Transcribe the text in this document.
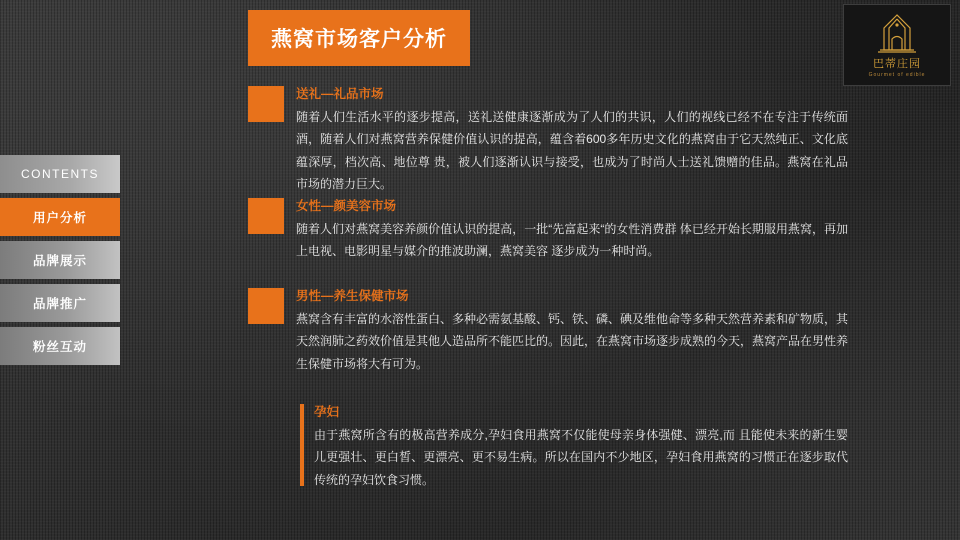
燕窝市场客户分析
巴蒂庄园
Gourmet of edible
CONTENTS
用户分析
品牌展示
品牌推广
粉丝互动
送礼—礼品市场
随着人们生活水平的逐步提高，送礼送健康逐渐成为了人们的共识，人们的视线已经不在专注于传统面酒，随着人们对燕窝营养保健价值认识的提高，蕴含着600多年历史文化的燕窝由于它天然纯正、文化底蕴深厚，档次高、地位尊 贵，被人们逐渐认识与接受，也成为了时尚人士送礼馈赠的佳品。燕窝在礼品市场的潜力巨大。
女性—颜美容市场
随着人们对燕窝美容养颜价值认识的提高，一批“先富起来“的女性消费群 体已经开始长期服用燕窝，再加上电视、电影明星与媒介的推波助澜，燕窝美容 逐步成为一种时尚。
男性—养生保健市场
燕窝含有丰富的水溶性蛋白、多种必需氨基酸、钙、铁、磷、碘及维他命等多种天然营养素和矿物质，其天然润肺之药效价值是其他人造品所不能匹比的。因此，在燕窝市场逐步成熟的今天，燕窝产品在男性养生保健市场将大有可为。
孕妇
由于燕窝所含有的极高营养成分,孕妇食用燕窝不仅能使母亲身体强健、漂亮,而 且能使未来的新生婴儿更强壮、更白皙、更漂亮、更不易生病。所以在国内不少地区，孕妇食用燕窝的习惯正在逐步取代传统的孕妇饮食习惯。
